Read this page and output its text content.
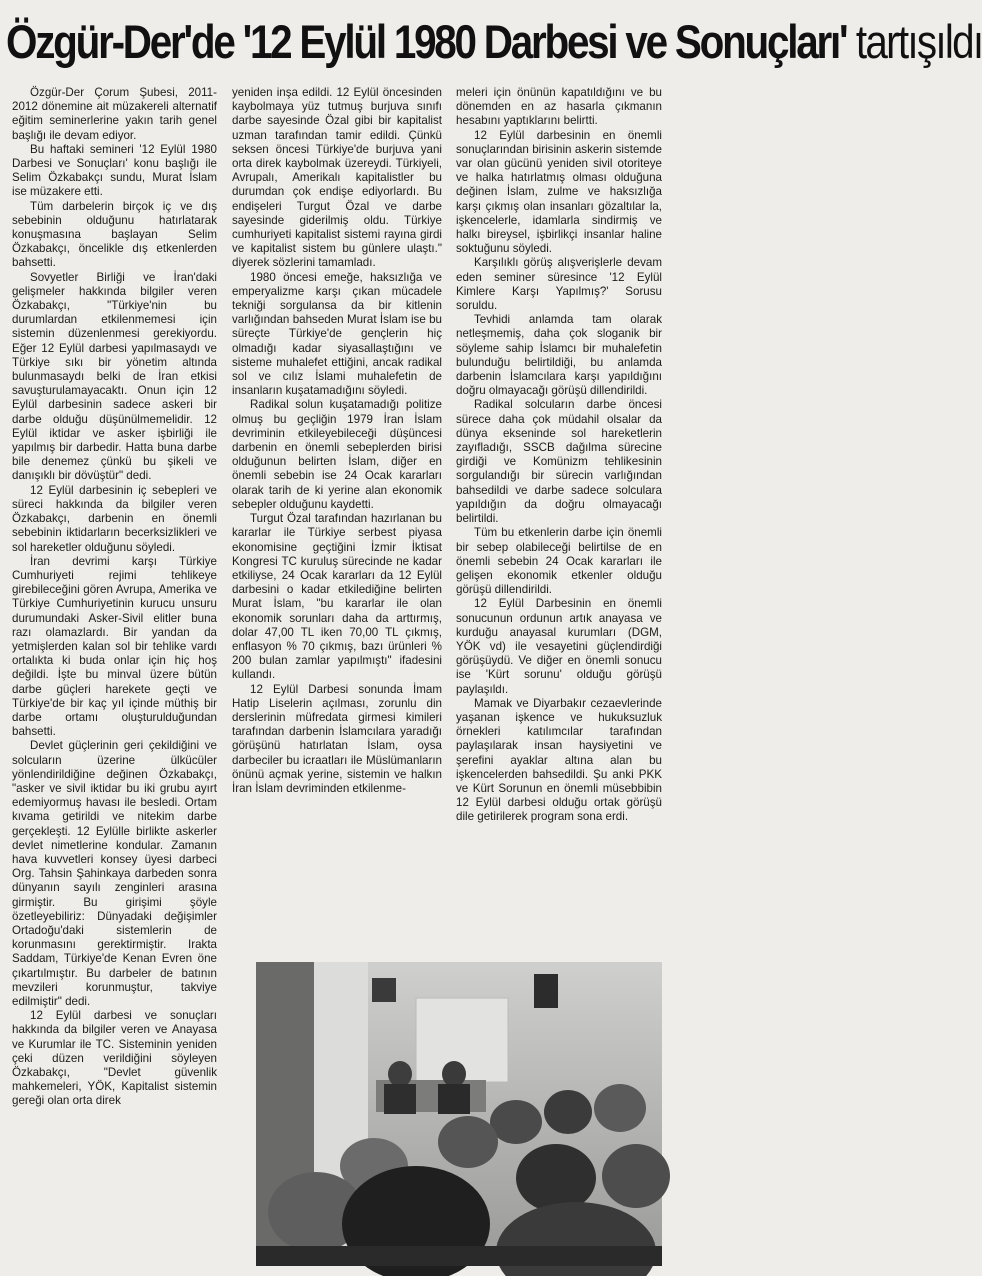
Özgür-Der'de '12 Eylül 1980 Darbesi ve Sonuçları' tartışıldı

Özgür-Der Çorum Şubesi, 2011-2012 dönemine ait müzakereli alternatif eğitim seminerlerine yakın tarih genel başlığı ile devam ediyor.

Bu haftaki semineri '12 Eylül 1980 Darbesi ve Sonuçları' konu başlığı ile Selim Özkabakçı sundu, Murat İslam ise müzakere etti.

Tüm darbelerin birçok iç ve dış sebebinin olduğunu hatırlatarak konuşmasına başlayan Selim Özkabakçı, öncelikle dış etkenlerden bahsetti.

Sovyetler Birliği ve İran'daki gelişmeler hakkında bilgiler veren Özkabakçı, "Türkiye'nin bu durumlardan etkilenmemesi için sistemin düzenlenmesi gerekiyordu. Eğer 12 Eylül darbesi yapılmasaydı ve Türkiye sıkı bir yönetim altında bulunmasaydı belki de İran etkisi savuşturulamayacaktı. Onun için 12 Eylül darbesinin sadece askeri bir darbe olduğu düşünülmemelidir. 12 Eylül iktidar ve asker işbirliği ile yapılmış bir darbedir. Hatta buna darbe bile denemez çünkü bu şikeli ve danışıklı bir dövüştür" dedi.

12 Eylül darbesinin iç sebepleri ve süreci hakkında da bilgiler veren Özkabakçı, darbenin en önemli sebebinin iktidarların becerksizlikleri ve sol hareketler olduğunu söyledi.

İran devrimi karşı Türkiye Cumhuriyeti rejimi tehlikeye girebileceğini gören Avrupa, Amerika ve Türkiye Cumhuriyetinin kurucu unsuru durumundaki Asker-Sivil elitler buna razı olamazlardı. Bir yandan da yetmişlerden kalan sol bir tehlike vardı ortalıkta ki buda onlar için hiç hoş değildi. İşte bu minval üzere bütün darbe güçleri harekete geçti ve Türkiye'de bir kaç yıl içinde müthiş bir darbe ortamı oluşturulduğundan bahsetti.

Devlet güçlerinin geri çekildiğini ve solcuların üzerine ülkücüler yönlendirildiğine değinen Özkabakçı, "asker ve sivil iktidar bu iki grubu ayırt edemiyormuş havası ile besledi. Ortam kıvama getirildi ve nitekim darbe gerçekleşti. 12 Eylülle birlikte askerler devlet nimetlerine kondular. Zamanın hava kuvvetleri konsey üyesi darbeci Org. Tahsin Şahinkaya darbeden sonra dünyanın sayılı zenginleri arasına girmiştir. Bu girişimi şöyle özetleyebiliriz: Dünyadaki değişimler Ortadoğu'daki sistemlerin de korunmasını gerektirmiştir. Irakta Saddam, Türkiye'de Kenan Evren öne çıkartılmıştır. Bu darbeler de batının mevzileri korunmuştur, takviye edilmiştir" dedi.

12 Eylül darbesi ve sonuçları hakkında da bilgiler veren ve Anayasa ve Kurumlar ile TC. Sisteminin yeniden çeki düzen verildiğini söyleyen Özkabakçı, "Devlet güvenlik mahkemeleri, YÖK, Kapitalist sistemin gereği olan orta direk

yeniden inşa edildi. 12 Eylül öncesinden kaybolmaya yüz tutmuş burjuva sınıfı darbe sayesinde Özal gibi bir kapitalist uzman tarafından tamir edildi. Çünkü seksen öncesi Türkiye'de burjuva yani orta direk kaybolmak üzereydi. Türkiyeli, Avrupalı, Amerikalı kapitalistler bu durumdan çok endişe ediyorlardı. Bu endişeleri Turgut Özal ve darbe sayesinde giderilmiş oldu. Türkiye cumhuriyeti kapitalist sistemi rayına girdi ve kapitalist sistem bu günlere ulaştı." diyerek sözlerini tamamladı.

1980 öncesi emeğe, haksızlığa ve emperyalizme karşı çıkan mücadele tekniği sorgulansa da bir kitlenin varlığından bahseden Murat İslam ise bu süreçte Türkiye'de gençlerin hiç olmadığı kadar siyasallaştığını ve sisteme muhalefet ettiğini, ancak radikal sol ve cılız İslami muhalefetin de insanların kuşatamadığını söyledi.

Radikal solun kuşatamadığı politize olmuş bu geçliğin 1979 İran İslam devriminin etkileyebileceği düşüncesi darbenin en önemli sebeplerden birisi olduğunun belirten İslam, diğer en önemli sebebin ise 24 Ocak kararları olarak tarih de ki yerine alan ekonomik sebepler olduğunu kaydetti.

Turgut Özal tarafından hazırlanan bu kararlar ile Türkiye serbest piyasa ekonomisine geçtiğini İzmir İktisat Kongresi TC kuruluş sürecinde ne kadar etkiliyse, 24 Ocak kararları da 12 Eylül darbesini o kadar etkilediğine belirten Murat İslam, "bu kararlar ile olan ekonomik sorunları daha da arttırmış, dolar 47,00 TL iken 70,00 TL çıkmış, enflasyon % 70 çıkmış, bazı ürünleri % 200 bulan zamlar yapılmıştı" ifadesini kullandı.

12 Eylül Darbesi sonunda İmam Hatip Liselerin açılması, zorunlu din derslerinin müfredata girmesi kimileri tarafından darbenin İslamcılara yaradığı görüşünü hatırlatan İslam, oysa darbeciler bu icraatları ile Müslümanların önünü açmak yerine, sistemin ve halkın İran İslam devriminden etkilenme-

meleri için önünün kapatıldığını ve bu dönemden en az hasarla çıkmanın hesabını yaptıklarını belirtti.

12 Eylül darbesinin en önemli sonuçlarından birisinin askerin sistemde var olan gücünü yeniden sivil otoriteye ve halka hatırlatmış olması olduğuna değinen İslam, zulme ve haksızlığa karşı çıkmış olan insanları gözaltılar la, işkencelerle, idamlarla sindirmiş ve halkı bireysel, işbirlikçi insanlar haline soktuğunu söyledi.

Karşılıklı görüş alışverişlerle devam eden seminer süresince '12 Eylül Kimlere Karşı Yapılmış?' Sorusu soruldu.

Tevhidi anlamda tam olarak netleşmemiş, daha çok sloganik bir söyleme sahip İslamcı bir muhalefetin bulunduğu belirtildiği, bu anlamda darbenin İslamcılara karşı yapıldığını doğru olmayacağı görüşü dillendirildi.

Radikal solcuların darbe öncesi sürece daha çok müdahil olsalar da dünya ekseninde sol hareketlerin zayıfladığı, SSCB dağılma sürecine girdiği ve Komünizm tehlikesinin sorgulandığı bir sürecin varlığından bahsedildi ve darbe sadece solculara yapıldığın da doğru olmayacağı belirtildi.

Tüm bu etkenlerin darbe için önemli bir sebep olabileceği belirtilse de en önemli sebebin 24 Ocak kararları ile gelişen ekonomik etkenler olduğu görüşü dillendirildi.

12 Eylül Darbesinin en önemli sonucunun ordunun artık anayasa ve kurduğu anayasal kurumları (DGM, YÖK vd) ile vesayetini güçlendirdiği görüşüydü. Ve diğer en önemli sonucu ise 'Kürt sorunu' olduğu görüşü paylaşıldı.

Mamak ve Diyarbakır cezaevlerinde yaşanan işkence ve hukuksuzluk örnekleri katılımcılar tarafından paylaşılarak insan haysiyetini ve şerefini ayaklar altına alan bu işkencelerden bahsedildi. Şu anki PKK ve Kürt Sorunun en önemli müsebbibin 12 Eylül darbesi olduğu ortak görüşü dile getirilerek program sona erdi.
